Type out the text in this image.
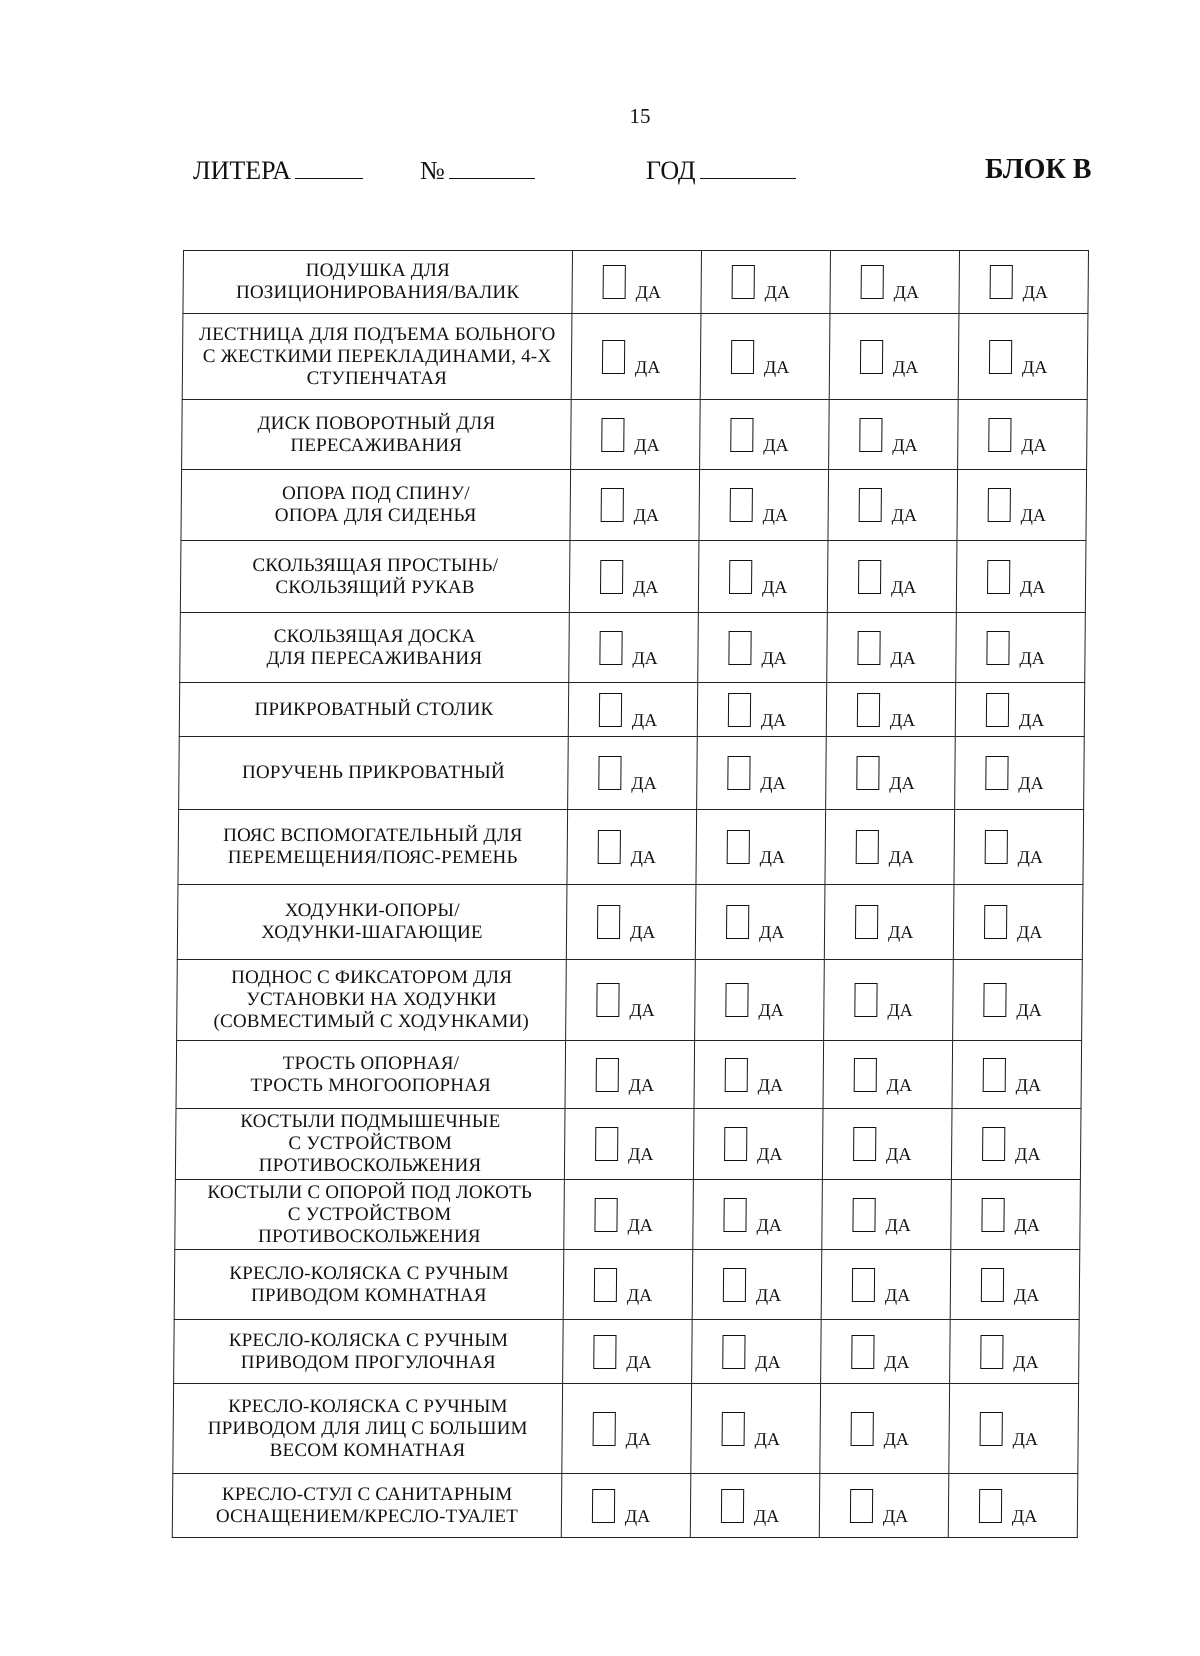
15
ЛИТЕРА	№	ГОД	БЛОК В
ПОДУШКА ДЛЯ
ПОЗИЦИОНИРОВАНИЯ/ВАЛИК	ДА	ДА	ДА	ДА

ЛЕСТНИЦА ДЛЯ ПОДЪЕМА БОЛЬНОГО
С ЖЕСТКИМИ ПЕРЕКЛАДИНАМИ, 4-Х
СТУПЕНЧАТАЯ	ДА	ДА	ДА	ДА

ДИСК ПОВОРОТНЫЙ ДЛЯ
ПЕРЕСАЖИВАНИЯ	ДА	ДА	ДА	ДА

ОПОРА ПОД СПИНУ/
ОПОРА ДЛЯ СИДЕНЬЯ	ДА	ДА	ДА	ДА

СКОЛЬЗЯЩАЯ ПРОСТЫНЬ/
СКОЛЬЗЯЩИЙ РУКАВ	ДА	ДА	ДА	ДА

СКОЛЬЗЯЩАЯ ДОСКА
ДЛЯ ПЕРЕСАЖИВАНИЯ	ДА	ДА	ДА	ДА

ПРИКРОВАТНЫЙ СТОЛИК	ДА	ДА	ДА	ДА

ПОРУЧЕНЬ ПРИКРОВАТНЫЙ	ДА	ДА	ДА	ДА

ПОЯС ВСПОМОГАТЕЛЬНЫЙ ДЛЯ
ПЕРЕМЕЩЕНИЯ/ПОЯС-РЕМЕНЬ	ДА	ДА	ДА	ДА

ХОДУНКИ-ОПОРЫ/
ХОДУНКИ-ШАГАЮЩИЕ	ДА	ДА	ДА	ДА

ПОДНОС С ФИКСАТОРОМ ДЛЯ
УСТАНОВКИ НА ХОДУНКИ
(СОВМЕСТИМЫЙ С ХОДУНКАМИ)	ДА	ДА	ДА	ДА

ТРОСТЬ ОПОРНАЯ/
ТРОСТЬ МНОГООПОРНАЯ	ДА	ДА	ДА	ДА

КОСТЫЛИ ПОДМЫШЕЧНЫЕ
С УСТРОЙСТВОМ
ПРОТИВОСКОЛЬЖЕНИЯ	ДА	ДА	ДА	ДА

КОСТЫЛИ С ОПОРОЙ ПОД ЛОКОТЬ
С УСТРОЙСТВОМ
ПРОТИВОСКОЛЬЖЕНИЯ	ДА	ДА	ДА	ДА

КРЕСЛО-КОЛЯСКА С РУЧНЫМ
ПРИВОДОМ КОМНАТНАЯ	ДА	ДА	ДА	ДА

КРЕСЛО-КОЛЯСКА С РУЧНЫМ
ПРИВОДОМ ПРОГУЛОЧНАЯ	ДА	ДА	ДА	ДА

КРЕСЛО-КОЛЯСКА С РУЧНЫМ
ПРИВОДОМ ДЛЯ ЛИЦ С БОЛЬШИМ
ВЕСОМ КОМНАТНАЯ	ДА	ДА	ДА	ДА

КРЕСЛО-СТУЛ С САНИТАРНЫМ
ОСНАЩЕНИЕМ/КРЕСЛО-ТУАЛЕТ	ДА	ДА	ДА	ДА
